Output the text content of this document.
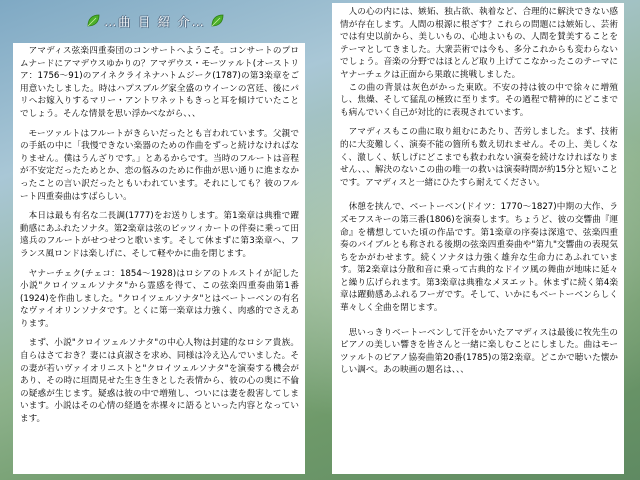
…曲 目 紹 介…

アマディス弦楽四重奏団のコンサートへようこそ。コンサートのプロムナードにアマデウスゆかりの？アマデウス・モーツァルト(オーストリア：1756～91)のアイネクライネナハトムジーク(1787)の第3楽章をご用意いたしました。時はハプスブルグ家全盛のウイーンの宮廷、後にパリへお嫁入りするマリー・アントワネットもきっと耳を傾けていたことでしょう。そんな情景を思い浮かべながら、、、

モーツァルトはフルートがきらいだったとも言われています。父親での手紙の中に「我慢できない楽器のための作曲をずっと続けなければなりません。僕はうんざりです。」とあるからです。当時のフルートは音程が不安定だったためとか、恋の悩みのために作曲が思い通りに進まなかったことの言い訳だったともいわれています。それにしても？彼のフルート四重奏曲はすばらしい。

本日は最も有名な二長調(1777)をお送りします。第1楽章は典雅で躍動感にあふれたソナタ。第2楽章は弦のピッツィカートの伴奏に乗って田遠兵のフルートがせつせつと歌います。そして休まずに第3楽章へ、フランス風ロンドは楽しげに、そして軽やかに曲を閉じます。

ヤナーチェク(チェコ：1854～1928)はロシアのトルストイが記した小説"クロイツェルソナタ"から霊感を得て、この弦楽四重奏曲第1番(1924)を作曲しました。"クロイツェルソナタ"とはベートーベンの有名なヴァイオリンソナタです。とくに第一楽章は力強く、肉惑的でさえあります。

まず、小説"クロイツェルソナタ"の中心人物は封建的なロシア貴族。自らはさておき？妻には貞淑さを求め、同様は冷え込んでいました。その妻が若いヴァイオリニストと"クロイツェルソナタ"を演奏する機会があり、その時に垣間見せた生き生きとした表情から、彼の心の奥に不倫の疑惑が生じます。疑惑は彼の中で増殖し、ついには妻を殺害してしまいます。小説はその心情の経過を赤裸々に語るといった内容となっています。

人の心の内には、嫉妬、独占欲、執着など、合理的に解決できない感情が存在します。人間の根源に根ざす？これらの問題には嫉妬し、芸術では有史以前から、美しいもの、心地よいもの、人間を賛美することをテーマとしてきました。大衆芸術では今も、多分これからも変わらないでしょう。音楽の分野ではほとんど取り上げてこなかったこのテーマにヤナーチェクは正面から果敢に挑戦しました。

この曲の背景は灰色がかった東欧。不安の持は彼の中で徐々に増殖し、焦燥、そして猛乱の極致に至ります。その過程で精神的にどこまでも病んでいく自己が対比的に表現されています。

アマディスもこの曲に取り組むにあたり、苦労しました。まず、技術的に大変難しく、演奏不能の箇所も数え切れません。その上、美しくなく、激しく、妖しげにどこまでも救われない演奏を続けなければなりません、、、解決のないこの曲の唯一の救いは演奏時間が約15分と短いことです。アマディスと一緒にひたすら耐えてください。

休憩を挟んで、ベートーベン(ドイツ：1770～1827)中期の大作、ラズモフスキーの第三番(1806)を演奏します。ちょうど、彼の交響曲『運命』を構想していた頃の作品です。第1楽章の序奏は深遠で、弦楽四重奏のバイブルとも称される後期の弦楽四重奏曲や"第九"交響曲の表現気ちをかがわせます。続くソナタは力強く雄弁な生命力にあふれています。第2楽章は分散和音に乗って古典的なドイツ風の舞曲が地味に延々と繰り広げられます。第3楽章は典雅なメヌエット。休まずに続く第4楽章は躍動感あふれるフーガです。そして、いかにもベートーベンらしく華々しく全曲を閉じます。

思いっきりベートーベンして汗をかいたアマディスは最後に牧先生のピアノの美しい響きを皆さんと一緒に楽しむことにしました。曲はモーツァルトのピアノ協奏曲第20番(1785)の第2楽章。どこかで聴いた懐かしい調べ。あの映画の題名は、、、
